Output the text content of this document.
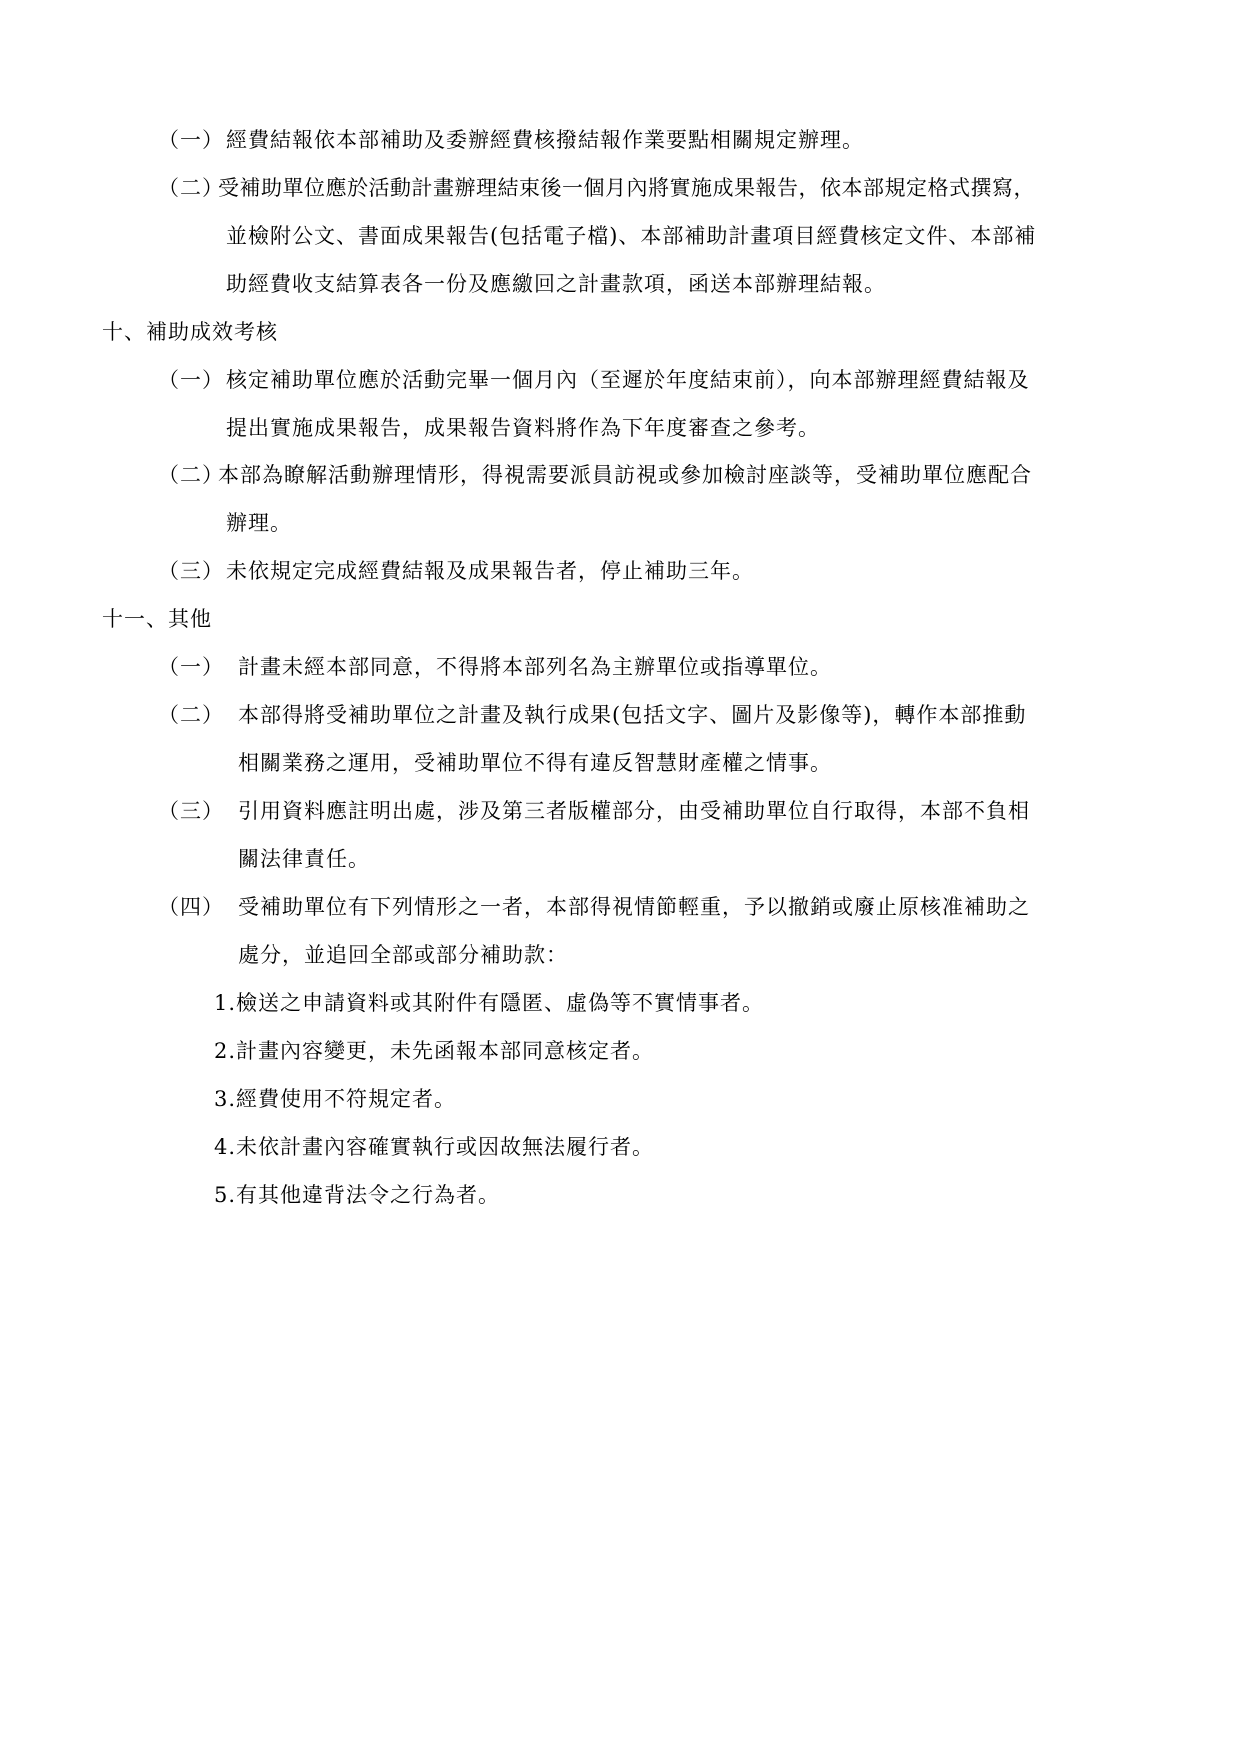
（一） 經費結報依本部補助及委辦經費核撥結報作業要點相關規定辦理。
（二）
受補助單位應於活動計畫辦理結束後一個月內將實施成果報告，依本部規定格式撰寫，
並檢附公文、書面成果報告(包括電子檔)、本部補助計畫項目經費核定文件、本部補
助經費收支結算表各一份及應繳回之計畫款項，函送本部辦理結報。
十、補助成效考核
（一） 核定補助單位應於活動完畢一個月內（至遲於年度結束前），向本部辦理經費結報及
提出實施成果報告，成果報告資料將作為下年度審查之參考。
（二）
本部為瞭解活動辦理情形，得視需要派員訪視或參加檢討座談等，受補助單位應配合
辦理。
（三） 未依規定完成經費結報及成果報告者，停止補助三年。
十一、其他
（一） 計畫未經本部同意，不得將本部列名為主辦單位或指導單位。
（二） 本部得將受補助單位之計畫及執行成果(包括文字、圖片及影像等)，轉作本部推動
相關業務之運用，受補助單位不得有違反智慧財產權之情事。
（三） 引用資料應註明出處，涉及第三者版權部分，由受補助單位自行取得，本部不負相
關法律責任。
（四） 受補助單位有下列情形之一者，本部得視情節輕重，予以撤銷或廢止原核准補助之
處分，並追回全部或部分補助款：
1.檢送之申請資料或其附件有隱匿、虛偽等不實情事者。
2.計畫內容變更，未先函報本部同意核定者。
3.經費使用不符規定者。
4.未依計畫內容確實執行或因故無法履行者。
5.有其他違背法令之行為者。
